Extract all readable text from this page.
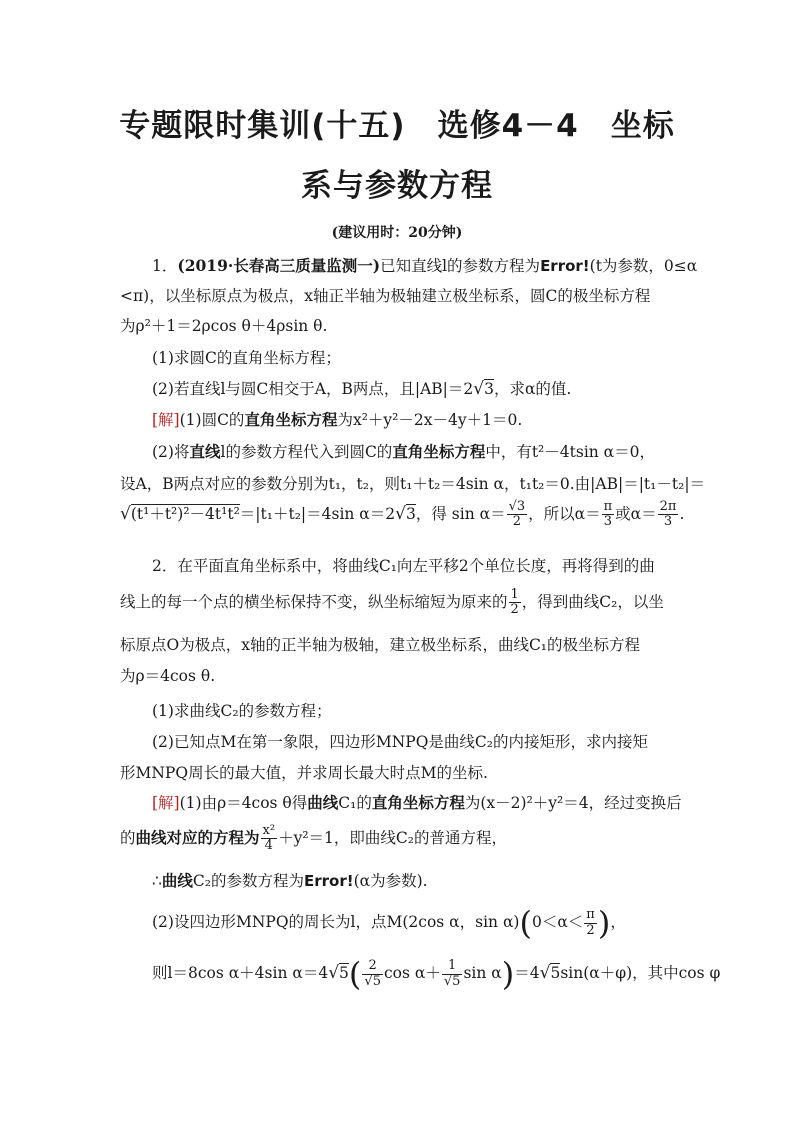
专题限时集训(十五)　选修4－4　坐标
系与参数方程
(建议用时：20分钟)
1．(2019·长春高三质量监测一)已知直线l的参数方程为Error!(t为参数，0≤α
<π)，以坐标原点为极点，x轴正半轴为极轴建立极坐标系，圆C的极坐标方程
为ρ²＋1＝2ρcos θ＋4ρsin θ.
(1)求圆C的直角坐标方程；
(2)若直线l与圆C相交于A，B两点，且|AB|＝2√3，求α的值.
[解](1)圆C的直角坐标方程为x²＋y²－2x－4y＋1＝0.
(2)将直线l的参数方程代入到圆C的直角坐标方程中，有t²－4tsin α＝0，
设A，B两点对应的参数分别为t₁，t₂，则t₁＋t₂＝4sin α，t₁t₂＝0.由|AB|＝|t₁－t₂|＝
√(t¹＋t²)²－4t¹t²＝|t₁＋t₂|＝4sin α＝2√3，得 $\sin \alpha= \frac{√3}{2}$ ，所以$\alpha= \frac{\pi}{3}$ 或$\alpha= \frac{2\pi}{3}$ .
2．在平面直角坐标系中，将曲线C₁向左平移2个单位长度，再将得到的曲
线上的每一个点的横坐标保持不变，纵坐标缩短为原来的 $\frac{1}{2}$ ，得到曲线C₂，以坐
标原点O为极点，x轴的正半轴为极轴，建立极坐标系，曲线C₁的极坐标方程
为ρ＝4cos θ.
(1)求曲线C₂的参数方程；
(2)已知点M在第一象限，四边形MNPQ是曲线C₂的内接矩形，求内接矩
形MNPQ周长的最大值，并求周长最大时点M的坐标.
[解](1)由ρ＝4cos θ得曲线C₁的直角坐标方程为(x－2)²＋y²＝4，经过变换后
的曲线对应的方程为 $\frac{\text{x²}}{4} +y^2=1$，即曲线C₂的普通方程，
∴曲线C₂的参数方程为Error!(α为参数).
(2)设四边形MNPQ的周长为l，点M(2cos α，$\sin \alpha)(0<\alpha< \frac{\pi}{2}$ )，
则l＝8cos α＋4sin $\alpha=4√5( \frac{2}{√5}$ $\cos \alpha+ \frac{1}{√5}$ sin α)＝4√5sin(α＋φ)，其中cos φ
